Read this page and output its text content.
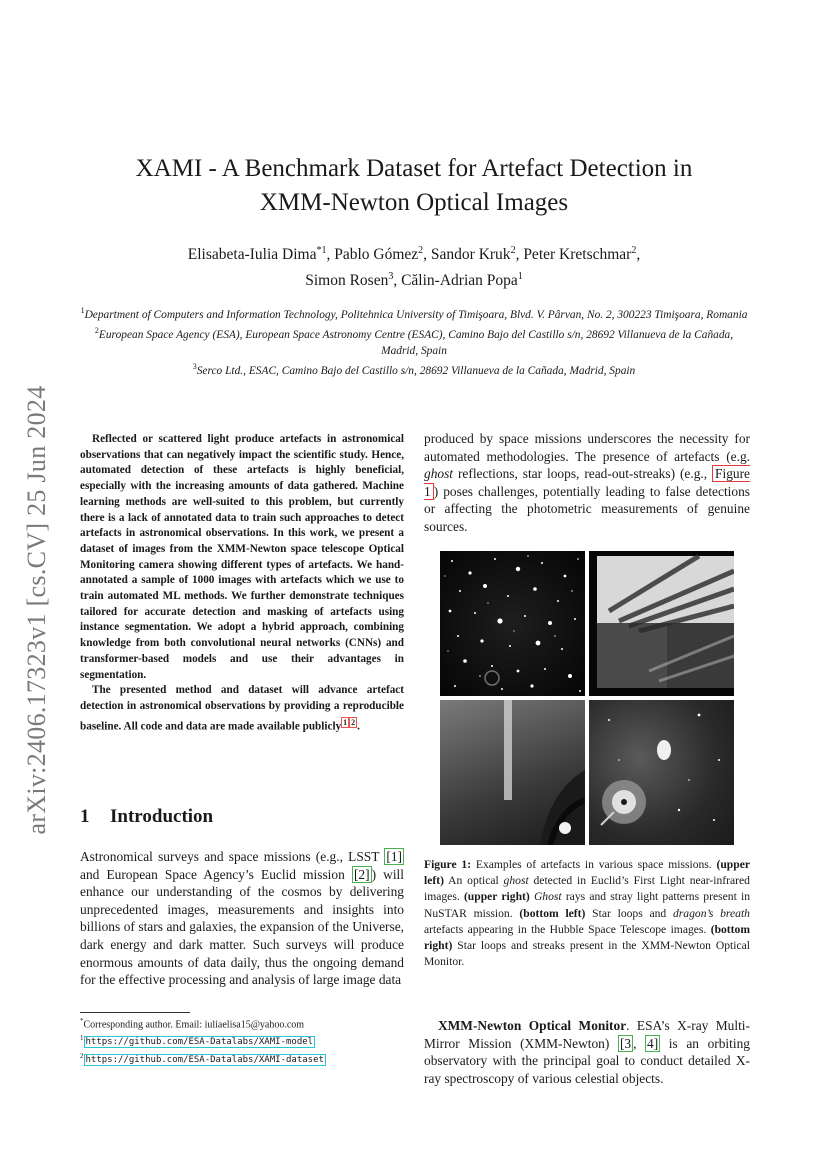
arXiv:2406.17323v1 [cs.CV] 25 Jun 2024
XAMI - A Benchmark Dataset for Artefact Detection in
XMM-Newton Optical Images
Elisabeta-Iulia Dima$^{*1}$, Pablo Gómez$^2$, Sandor Kruk$^2$, Peter Kretschmar$^2$,
Simon Rosen$^3$, Călin-Adrian Popa$^1$
$^1$Department of Computers and Information Technology, Politehnica University of Timişoara, Blvd. V. Pârvan, No. 2, 300223 Timişoara, Romania
$^2$European Space Agency (ESA), European Space Astronomy Centre (ESAC), Camino Bajo del Castillo s/n, 28692 Villanueva de la Cañada, Madrid, Spain
$^3$Serco Ltd., ESAC, Camino Bajo del Castillo s/n, 28692 Villanueva de la Cañada, Madrid, Spain

Reflected or scattered light produce artefacts in astronomical observations that can negatively impact the scientific study. Hence, automated detection of these artefacts is highly beneficial, especially with the increasing amounts of data gathered. Machine learning methods are well-suited to this problem, but currently there is a lack of annotated data to train such approaches to detect artefacts in astronomical observations. In this work, we present a dataset of images from the XMM-Newton space telescope Optical Monitoring camera showing different types of artefacts. We hand-annotated a sample of 1000 images with artefacts which we use to train automated ML methods. We further demonstrate techniques tailored for accurate detection and masking of artefacts using instance segmentation. We adopt a hybrid approach, combining knowledge from both convolutional neural networks (CNNs) and transformer-based models and use their advantages in segmentation.

The presented method and dataset will advance artefact detection in astronomical observations by providing a reproducible baseline. All code and data are made available publicly $^{1 2}$ .

1 Introduction

Astronomical surveys and space missions (e.g., LSST [1] and European Space Agency’s Euclid mission [2] ) will enhance our understanding of the cosmos by delivering unprecedented images, measurements and insights into billions of stars and galaxies, the expansion of the Universe, dark energy and dark matter. Such surveys will produce enormous amounts of data daily, thus the ongoing demand for the effective processing and analysis of large image data

*Corresponding author. Email: iuliaelisa15@yahoo.com

$^1$ https://github.com/ESA-Datalabs/XAMI-model

$^2$ https://github.com/ESA-Datalabs/XAMI-dataset

produced by space missions underscores the necessity for automated methodologies. The presence of artefacts (e.g. ghost reflections, star loops, read-out-streaks) (e.g., Figure 1 ) poses challenges, potentially leading to false detections or affecting the photometric measurements of genuine sources.

Figure 1: Examples of artefacts in various space missions. (upper left) An optical ghost detected in Euclid’s First Light near-infrared images. (upper right) Ghost rays and stray light patterns present in NuSTAR mission. (bottom left) Star loops and dragon’s breath artefacts appearing in the Hubble Space Telescope images. (bottom right) Star loops and streaks present in the XMM-Newton Optical Monitor.

XMM-Newton Optical Monitor. ESA’s X-ray Multi-Mirror Mission (XMM-Newton) [3 , 4] is an orbiting observatory with the principal goal to conduct detailed X-ray spectroscopy of various celestial objects.
